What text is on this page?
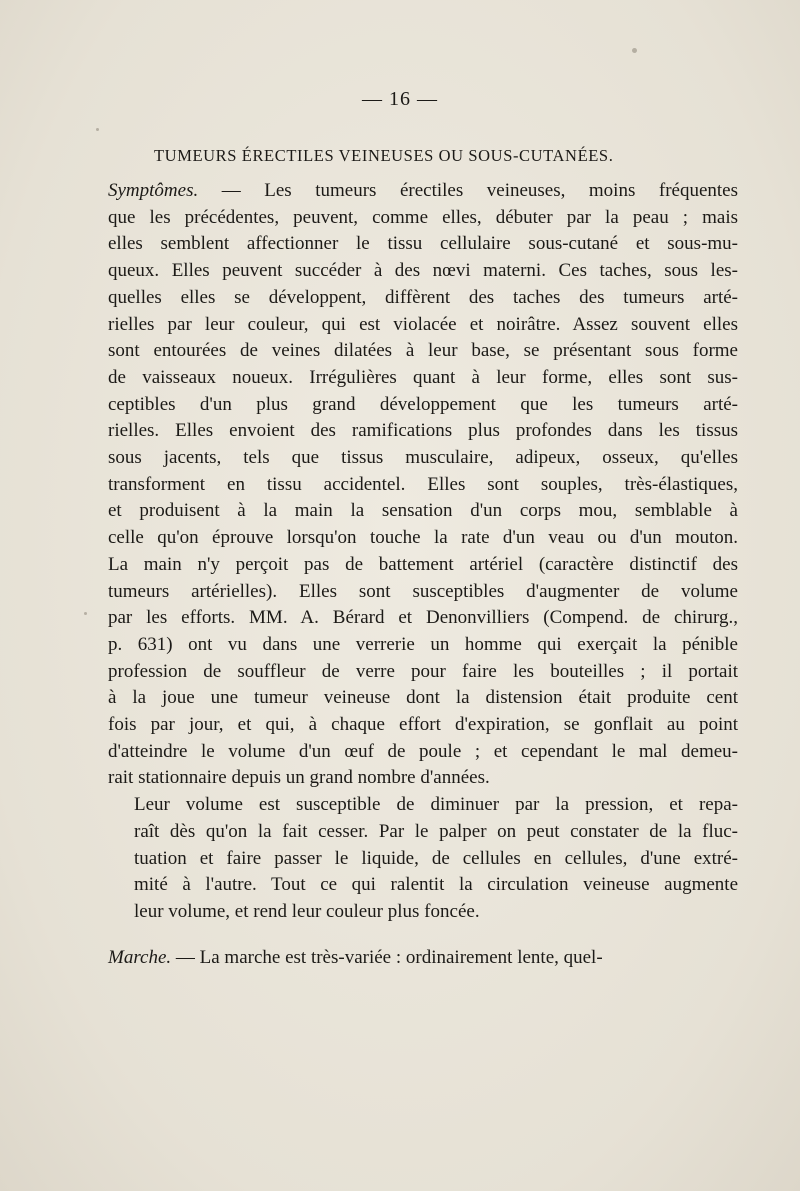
— 16 —
TUMEURS ÉRECTILES VEINEUSES OU SOUS-CUTANÉES.

Symptômes. — Les tumeurs érectiles veineuses, moins fréquentes
que les précédentes, peuvent, comme elles, débuter par la peau ; mais
elles semblent affectionner le tissu cellulaire sous-cutané et sous-mu-
queux. Elles peuvent succéder à des nœvi materni. Ces taches, sous les-
quelles elles se développent, diffèrent des taches des tumeurs arté-
rielles par leur couleur, qui est violacée et noirâtre. Assez souvent elles
sont entourées de veines dilatées à leur base, se présentant sous forme
de vaisseaux noueux. Irrégulières quant à leur forme, elles sont sus-
ceptibles d'un plus grand développement que les tumeurs arté-
rielles. Elles envoient des ramifications plus profondes dans les tissus
sous jacents, tels que tissus musculaire, adipeux, osseux, qu'elles
transforment en tissu accidentel. Elles sont souples, très-élastiques,
et produisent à la main la sensation d'un corps mou, semblable à
celle qu'on éprouve lorsqu'on touche la rate d'un veau ou d'un mouton.
La main n'y perçoit pas de battement artériel (caractère distinctif des
tumeurs artérielles). Elles sont susceptibles d'augmenter de volume
par les efforts. MM. A. Bérard et Denonvilliers (Compend. de chirurg.,
p. 631) ont vu dans une verrerie un homme qui exerçait la pénible
profession de souffleur de verre pour faire les bouteilles ; il portait
à la joue une tumeur veineuse dont la distension était produite cent
fois par jour, et qui, à chaque effort d'expiration, se gonflait au point
d'atteindre le volume d'un œuf de poule ; et cependant le mal demeu-
rait stationnaire depuis un grand nombre d'années.

Leur volume est susceptible de diminuer par la pression, et repa-
raît dès qu'on la fait cesser. Par le palper on peut constater de la fluc-
tuation et faire passer le liquide, de cellules en cellules, d'une extré-
mité à l'autre. Tout ce qui ralentit la circulation veineuse augmente
leur volume, et rend leur couleur plus foncée.

Marche. — La marche est très-variée : ordinairement lente, quel-
